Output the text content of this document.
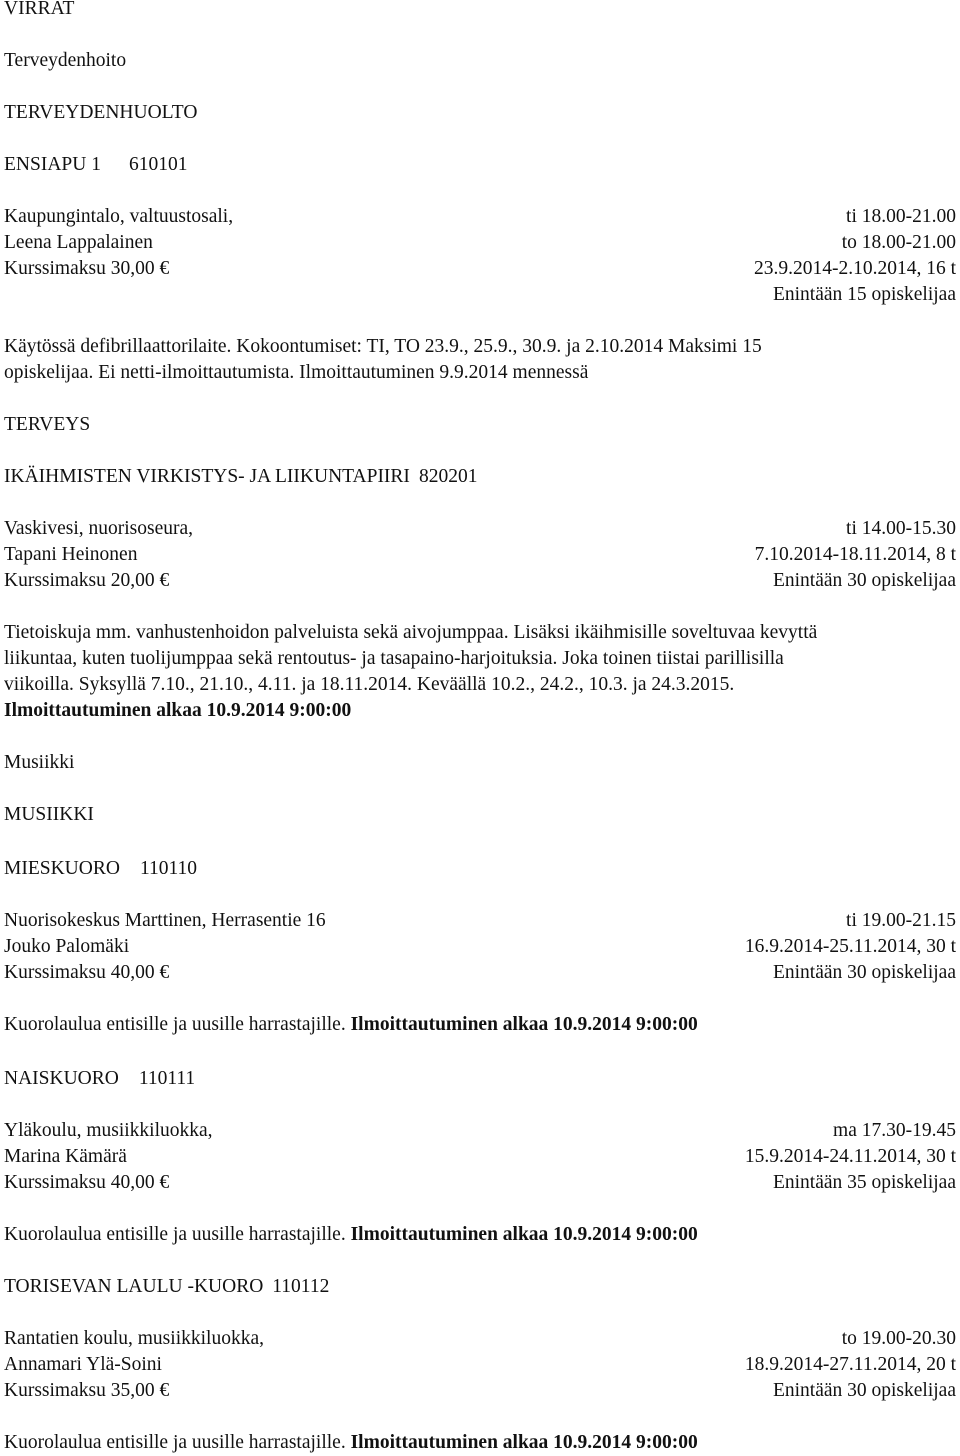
VIRRAT
Terveydenhoito
TERVEYDENHUOLTO
ENSIAPU 1 610101
Kaupungintalo, valtuustosali,	ti 18.00-21.00
Leena Lappalainen	to 18.00-21.00
Kurssimaksu 30,00 €	23.9.2014-2.10.2014, 16 t
Enintään 15 opiskelijaa
Käytössä defibrillaattorilaite. Kokoontumiset: TI, TO 23.9., 25.9., 30.9. ja 2.10.2014 Maksimi 15
opiskelijaa. Ei netti-ilmoittautumista. Ilmoittautuminen 9.9.2014 mennessä
TERVEYS
IKÄIHMISTEN VIRKISTYS- JA LIIKUNTAPIIRI 820201
Vaskivesi, nuorisoseura,	ti 14.00-15.30
Tapani Heinonen	7.10.2014-18.11.2014, 8 t
Kurssimaksu 20,00 €	Enintään 30 opiskelijaa
Tietoiskuja mm. vanhustenhoidon palveluista sekä aivojumppaa. Lisäksi ikäihmisille soveltuvaa kevyttä
liikuntaa, kuten tuolijumppaa sekä rentoutus- ja tasapaino-harjoituksia. Joka toinen tiistai parillisilla
viikoilla. Syksyllä 7.10., 21.10., 4.11. ja 18.11.2014. Keväällä 10.2., 24.2., 10.3. ja 24.3.2015.
Ilmoittautuminen alkaa 10.9.2014 9:00:00
Musiikki
MUSIIKKI
MIESKUORO 110110
Nuorisokeskus Marttinen, Herrasentie 16	ti 19.00-21.15
Jouko Palomäki	16.9.2014-25.11.2014, 30 t
Kurssimaksu 40,00 €	Enintään 30 opiskelijaa
Kuorolaulua entisille ja uusille harrastajille. Ilmoittautuminen alkaa 10.9.2014 9:00:00
NAISKUORO 110111
Yläkoulu, musiikkiluokka,	ma 17.30-19.45
Marina Kämärä	15.9.2014-24.11.2014, 30 t
Kurssimaksu 40,00 €	Enintään 35 opiskelijaa
Kuorolaulua entisille ja uusille harrastajille. Ilmoittautuminen alkaa 10.9.2014 9:00:00
TORISEVAN LAULU -KUORO 110112
Rantatien koulu, musiikkiluokka,	to 19.00-20.30
Annamari Ylä-Soini	18.9.2014-27.11.2014, 20 t
Kurssimaksu 35,00 €	Enintään 30 opiskelijaa
Kuorolaulua entisille ja uusille harrastajille. Ilmoittautuminen alkaa 10.9.2014 9:00:00
